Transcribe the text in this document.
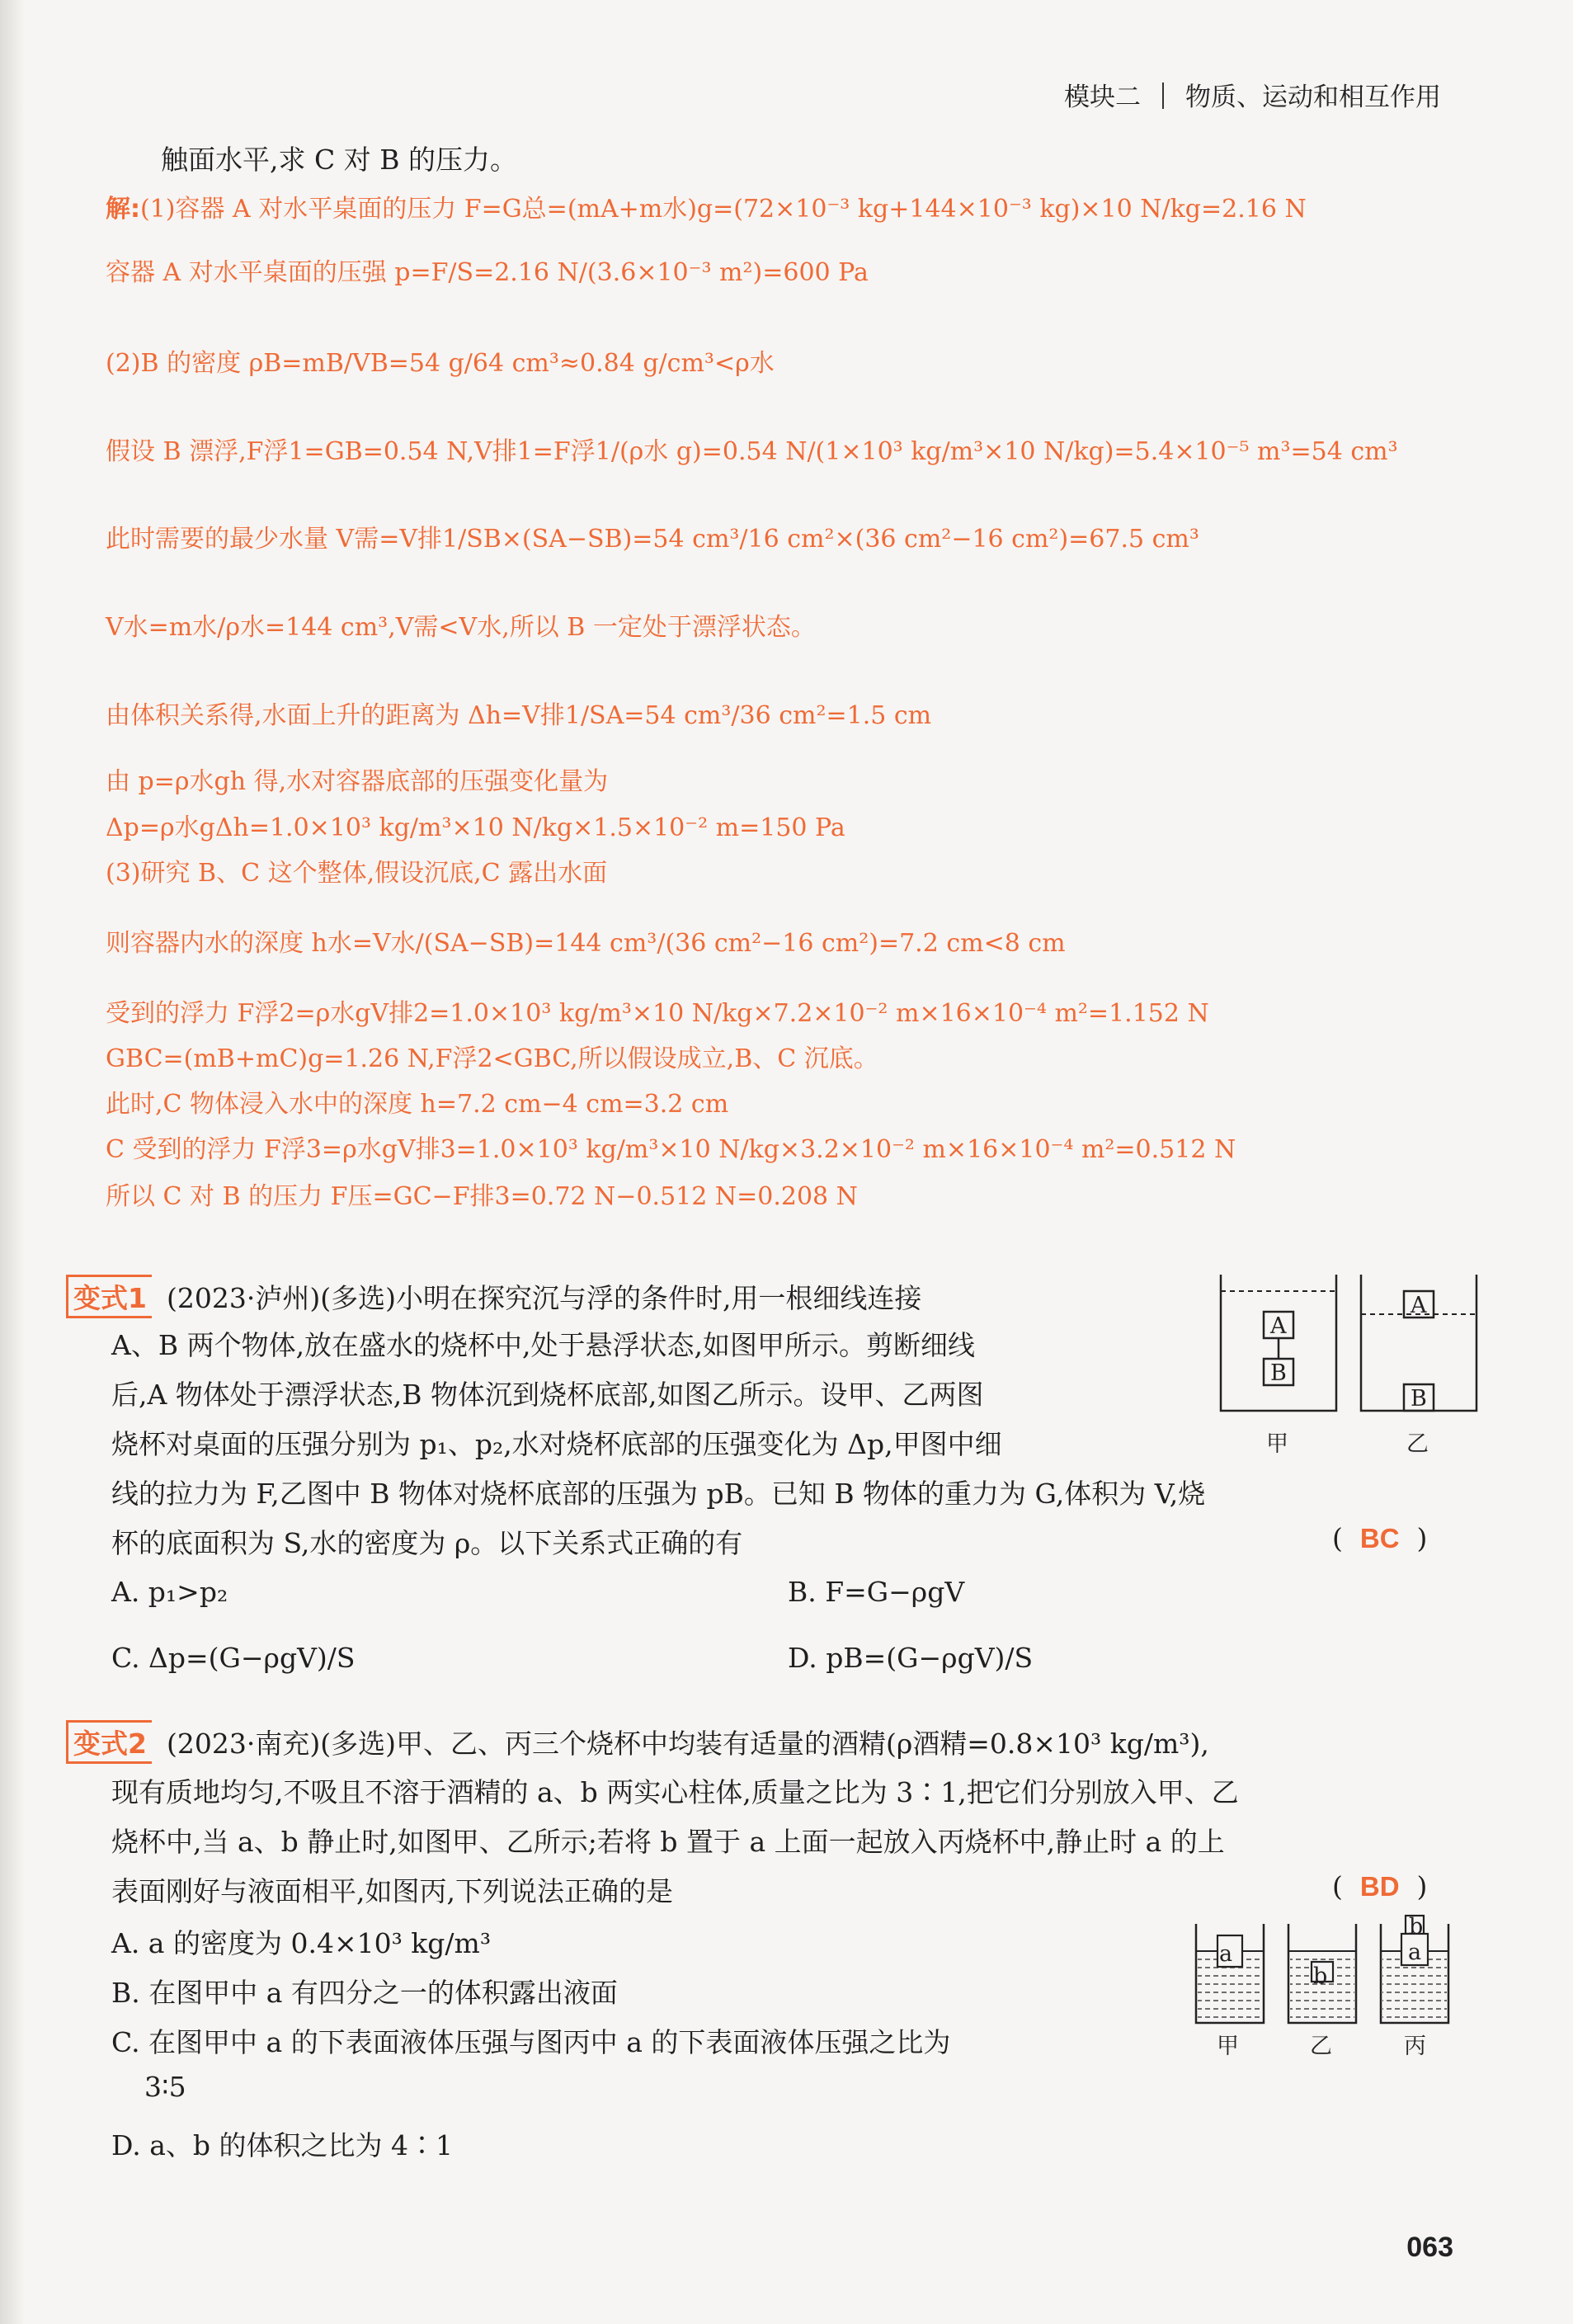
模块二 物质、运动和相互作用
触面水平,求 C 对 B 的压力。
解:(1)容器 A 对水平桌面的压力 F=G总=(mA+m水)g=(72×10⁻³ kg+144×10⁻³ kg)×10 N/kg=2.16 N
容器 A 对水平桌面的压强 p=F/S=2.16 N/(3.6×10⁻³ m²)=600 Pa
(2)B 的密度 ρB=mB/VB=54 g/64 cm³≈0.84 g/cm³<ρ水
假设 B 漂浮,F浮1=GB=0.54 N,V排1=F浮1/(ρ水 g)=0.54 N/(1×10³ kg/m³×10 N/kg)=5.4×10⁻⁵ m³=54 cm³
此时需要的最少水量 V需=V排1/SB×(SA−SB)=54 cm³/16 cm²×(36 cm²−16 cm²)=67.5 cm³
V水=m水/ρ水=144 cm³,V需<V水,所以 B 一定处于漂浮状态。
由体积关系得,水面上升的距离为 Δh=V排1/SA=54 cm³/36 cm²=1.5 cm
由 p=ρ水gh 得,水对容器底部的压强变化量为
Δp=ρ水gΔh=1.0×10³ kg/m³×10 N/kg×1.5×10⁻² m=150 Pa
(3)研究 B、C 这个整体,假设沉底,C 露出水面
则容器内水的深度 h水=V水/(SA−SB)=144 cm³/(36 cm²−16 cm²)=7.2 cm<8 cm
受到的浮力 F浮2=ρ水gV排2=1.0×10³ kg/m³×10 N/kg×7.2×10⁻² m×16×10⁻⁴ m²=1.152 N
GBC=(mB+mC)g=1.26 N,F浮2<GBC,所以假设成立,B、C 沉底。
此时,C 物体浸入水中的深度 h=7.2 cm−4 cm=3.2 cm
C 受到的浮力 F浮3=ρ水gV排3=1.0×10³ kg/m³×10 N/kg×3.2×10⁻² m×16×10⁻⁴ m²=0.512 N
所以 C 对 B 的压力 F压=GC−F排3=0.72 N−0.512 N=0.208 N
变式1 (2023·泸州)(多选)小明在探究沉与浮的条件时,用一根细线连接
A、B 两个物体,放在盛水的烧杯中,处于悬浮状态,如图甲所示。剪断细线
后,A 物体处于漂浮状态,B 物体沉到烧杯底部,如图乙所示。设甲、乙两图
烧杯对桌面的压强分别为 p₁、p₂,水对烧杯底部的压强变化为 Δp,甲图中细
线的拉力为 F,乙图中 B 物体对烧杯底部的压强为 pB。已知 B 物体的重力为 G,体积为 V,烧
杯的底面积为 S,水的密度为 ρ。以下关系式正确的有	(  BC  )
A. p₁>p₂	B. F=G−ρgV
C. Δp=(G−ρgV)/S	D. pB=(G−ρgV)/S
A
B
A
B
甲	乙
变式2 (2023·南充)(多选)甲、乙、丙三个烧杯中均装有适量的酒精(ρ酒精=0.8×10³ kg/m³),
现有质地均匀,不吸且不溶于酒精的 a、b 两实心柱体,质量之比为 3∶1,把它们分别放入甲、乙
烧杯中,当 a、b 静止时,如图甲、乙所示;若将 b 置于 a 上面一起放入丙烧杯中,静止时 a 的上
表面刚好与液面相平,如图丙,下列说法正确的是	(  BD  )
A. a 的密度为 0.4×10³ kg/m³
B. 在图甲中 a 有四分之一的体积露出液面
C. 在图甲中 a 的下表面液体压强与图丙中 a 的下表面液体压强之比为
3∶5
D. a、b 的体积之比为 4∶1
a
b
b
a
甲	乙	丙
063
